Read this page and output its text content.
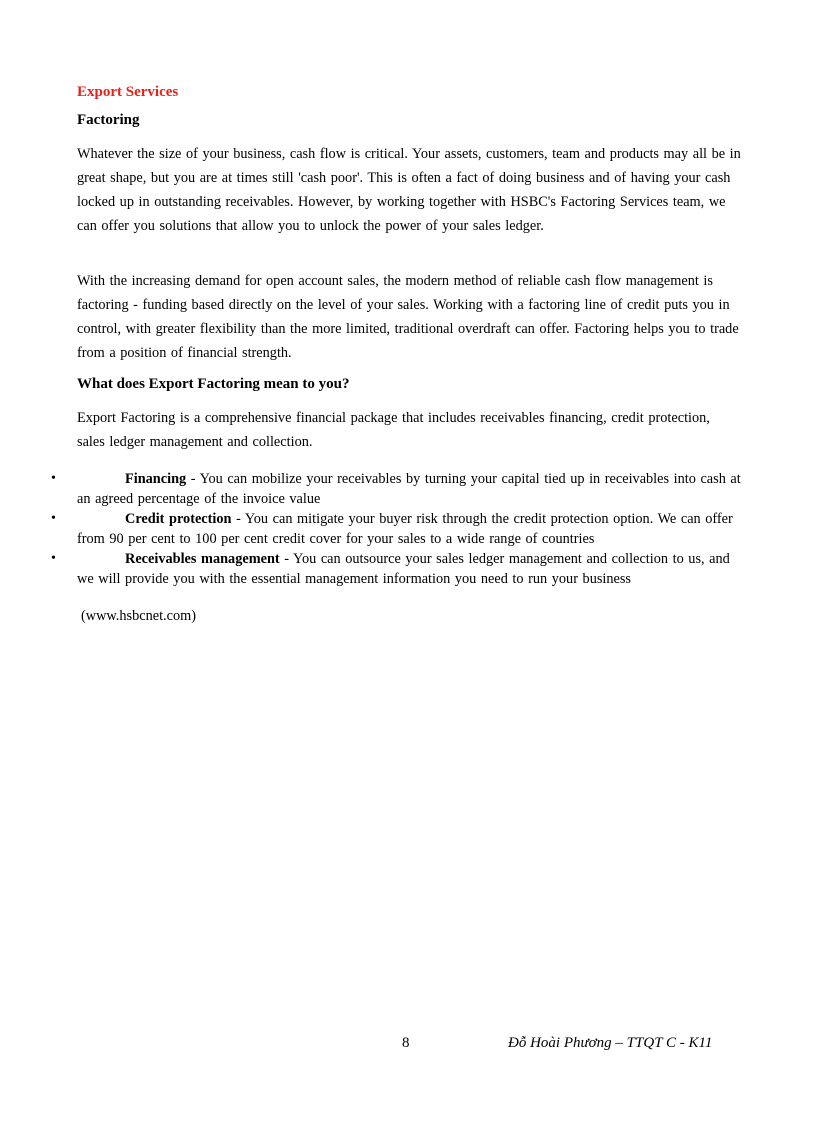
Export Services
Factoring

Whatever the size of your business, cash flow is critical. Your assets, customers, team and products may all be in great shape, but you are at times still 'cash poor'. This is often a fact of doing business and of having your cash locked up in outstanding receivables. However, by working together with HSBC's Factoring Services team, we can offer you solutions that allow you to unlock the power of your sales ledger.

With the increasing demand for open account sales, the modern method of reliable cash flow management is factoring - funding based directly on the level of your sales. Working with a factoring line of credit puts you in control, with greater flexibility than the more limited, traditional overdraft can offer. Factoring helps you to trade from a position of financial strength.

What does Export Factoring mean to you?

Export Factoring is a comprehensive financial package that includes receivables financing, credit protection, sales ledger management and collection.

•	Financing - You can mobilize your receivables by turning your capital tied up in receivables into cash at an agreed percentage of the invoice value
•	Credit protection - You can mitigate your buyer risk through the credit protection option. We can offer from 90 per cent to 100 per cent credit cover for your sales to a wide range of countries
•	Receivables management - You can outsource your sales ledger management and collection to us, and we will provide you with the essential management information you need to run your business

(www.hsbcnet.com)

8	Đỗ Hoài Phương – TTQT C - K11
